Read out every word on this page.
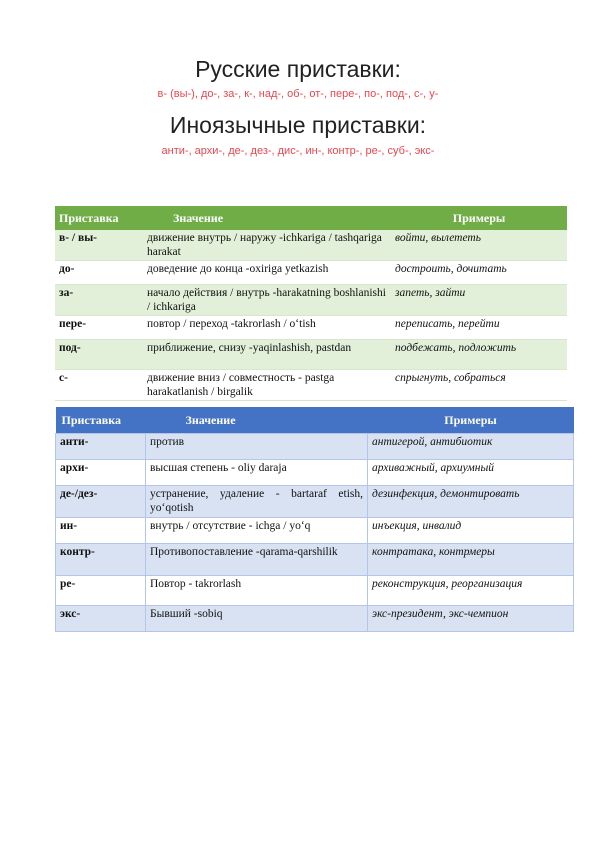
Русские приставки:
в- (вы-), до-, за-, к-, над-, об-, от-, пере-, по-, под-, с-, у-
Иноязычные приставки:
анти-, архи-, де-, дез-, дис-, ин-, контр-, ре-, суб-, экс-
Приставка	Значение	Примеры
в- / вы-	движение внутрь / наружу -ichkariga / tashqariga harakat	войти, вылететь
до-	доведение до конца -oxiriga yetkazish	достроить, дочитать
за-	начало действия / внутрь -harakatning boshlanishi / ichkariga	запеть, зайти
пере-	повтор / переход -takrorlash / o‘tish	переписать, перейти
под-	приближение, снизу -yaqinlashish, pastdan	подбежать, подложить
с-	движение вниз / совместность - pastga harakatlanish / birgalik	спрыгнуть, собраться
Приставка	Значение	Примеры
анти-	против	антигерой, антибиотик
архи-	высшая степень - oliy daraja	архиважный, архиумный
де-/дез-	устранение, удаление - bartaraf etish, yo‘qotish	дезинфекция, демонтировать
ин-	внутрь / отсутствие - ichga / yo‘q	инъекция, инвалид
контр-	Противопоставление -qarama-qarshilik	контратака, контрмеры
ре-	Повтор - takrorlash	реконструкция, реорганизация
экс-	Бывший -sobiq	экс-президент, экс-чемпион
